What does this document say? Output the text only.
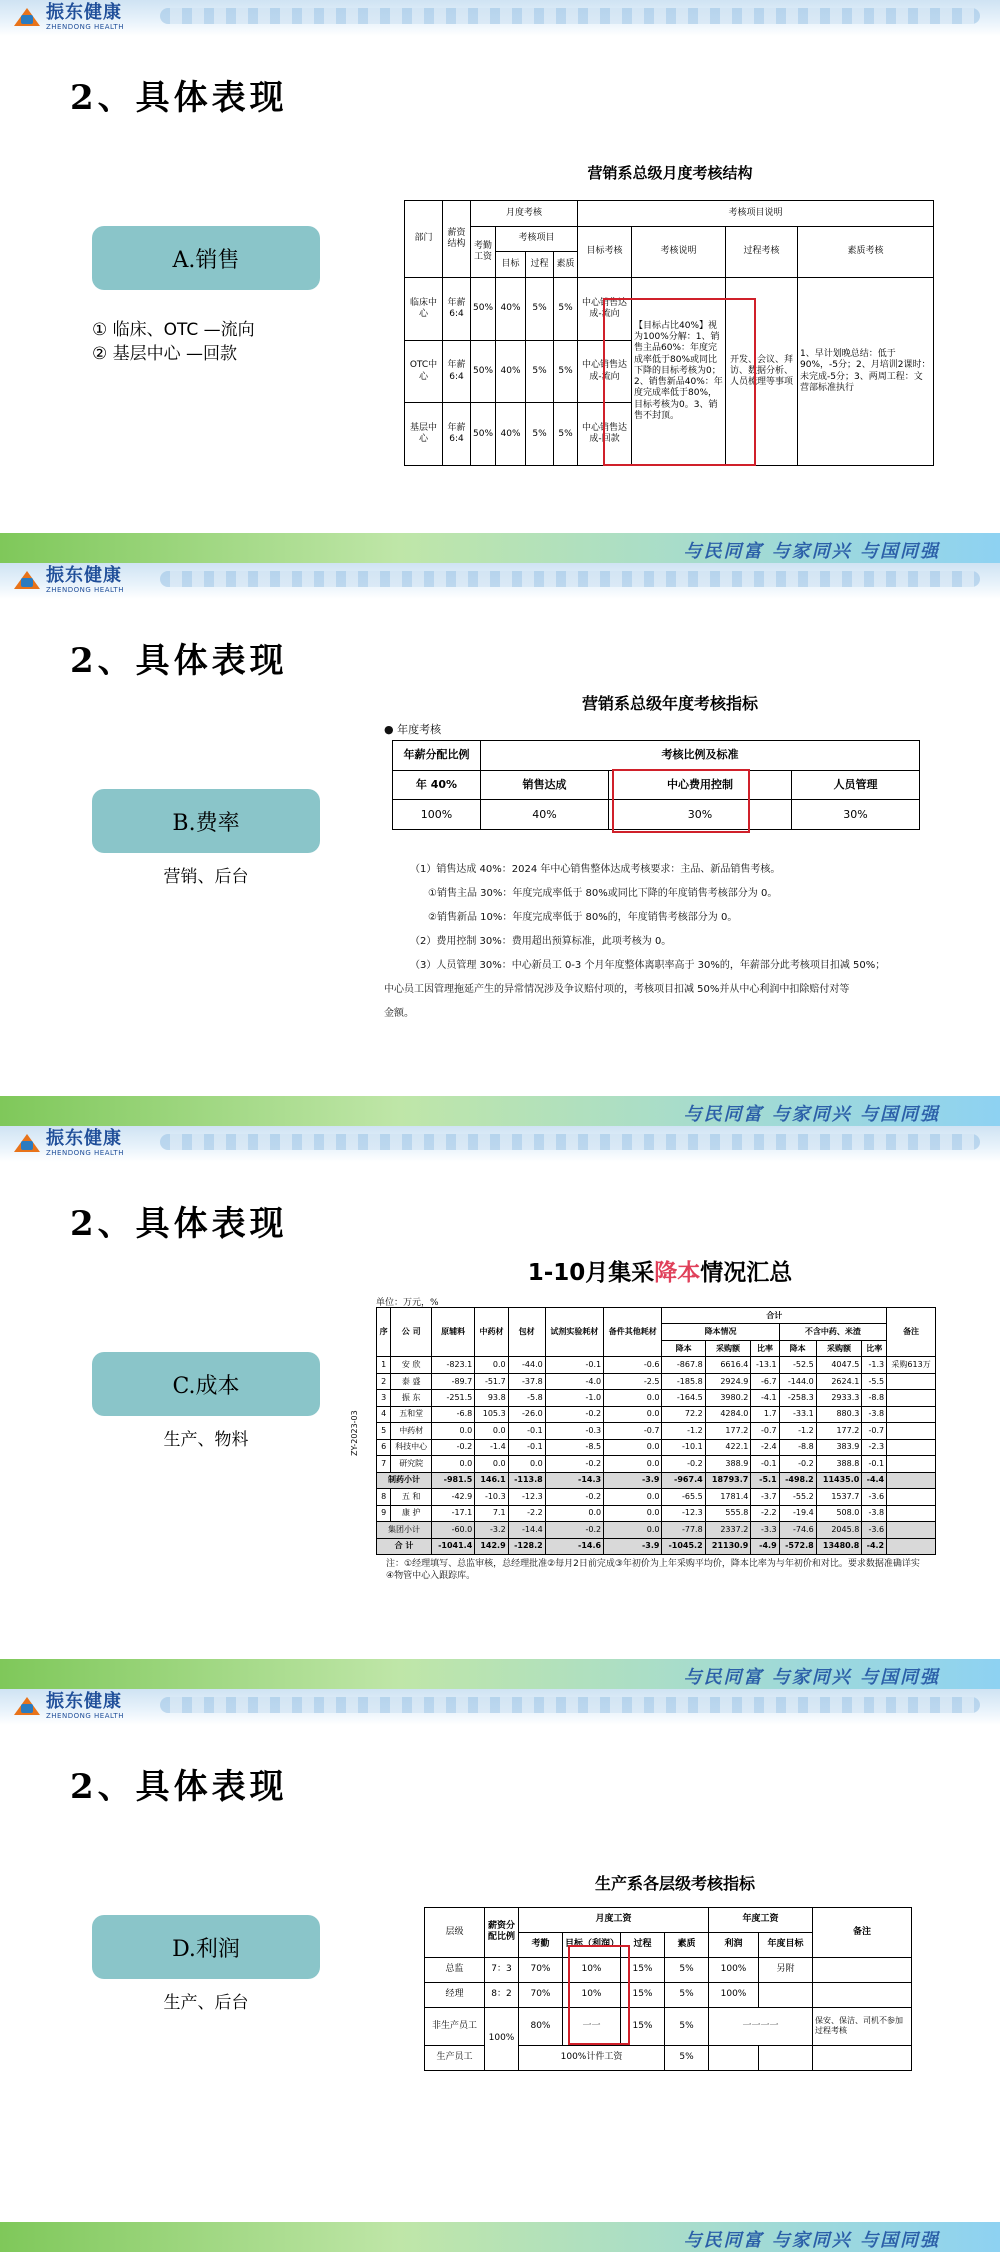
振东健康
ZHENDONG HEALTH
2、具体表现
A.销售
① 临床、OTC —流向
② 基层中心 —回款
营销系总级月度考核结构
部门	薪资结构	月度考核				考核项目说明			
		考勤工资	考核项目			目标考核	考核说明	过程考核	素质考核
			目标	过程	素质				
临床中心	年薪6:4	50%	40%	5%	5%	中心销售达成-流向	【目标占比40%】视为100%分解：1、销售主品60%：年度完成率低于80%或同比下降的目标考核为0；2、销售新品40%：年度完成率低于80%，目标考核为0。3、销售不封顶。	开发、会议、拜访、数据分析、人员梳理等事项	1、早计划晚总结：低于90%，-5分；2、月培训2课时：未完成-5分；3、两周工程：文营部标准执行
OTC中心	年薪6:4	50%	40%	5%	5%	中心销售达成-流向			
基层中心	年薪6:4	50%	40%	5%	5%	中心销售达成-回款			
与民同富 与家同兴 与国同强
振东健康
ZHENDONG HEALTH
2、具体表现
B.费率
营销、后台
营销系总级年度考核指标
● 年度考核
年薪分配比例	考核比例及标准		
年 40%	销售达成	中心费用控制	人员管理
100%	40%	30%	30%
（1）销售达成 40%：2024 年中心销售整体达成考核要求：主品、新品销售考核。
①销售主品 30%：年度完成率低于 80%或同比下降的年度销售考核部分为 0。
②销售新品 10%：年度完成率低于 80%的，年度销售考核部分为 0。
（2）费用控制 30%：费用超出预算标准，此项考核为 0。
（3）人员管理 30%：中心新员工 0-3 个月年度整体离职率高于 30%的，年薪部分此考核项目扣减 50%；
中心员工因管理拖延产生的异常情况涉及争议赔付项的，考核项目扣减 50%并从中心利润中扣除赔付对等
金额。
与民同富 与家同兴 与国同强
振东健康
ZHENDONG HEALTH
2、具体表现
C.成本
生产、物料
1-10月集采降本情况汇总
单位：万元，%
ZY-2023-03
序	公 司	原辅料	中药材	包材	试剂实验耗材	备件其他耗材	合计						备注
							降本情况			不含中药、米渣			
							降本	采购额	比率	降本	采购额	比率	
1	安 欣	-823.1	0.0	-44.0	-0.1	-0.6	-867.8	6616.4	-13.1	-52.5	4047.5	-1.3	采购613万
2	泰 盛	-89.7	-51.7	-37.8	-4.0	-2.5	-185.8	2924.9	-6.7	-144.0	2624.1	-5.5	
3	振 东	-251.5	93.8	-5.8	-1.0	0.0	-164.5	3980.2	-4.1	-258.3	2933.3	-8.8	
4	五和堂	-6.8	105.3	-26.0	-0.2	0.0	72.2	4284.0	1.7	-33.1	880.3	-3.8	
5	中药材	0.0	0.0	-0.1	-0.3	-0.7	-1.2	177.2	-0.7	-1.2	177.2	-0.7	
6	科技中心	-0.2	-1.4	-0.1	-8.5	0.0	-10.1	422.1	-2.4	-8.8	383.9	-2.3	
7	研究院	0.0	0.0	0.0	-0.2	0.0	-0.2	388.9	-0.1	-0.2	388.8	-0.1	
制药小计		-981.5	146.1	-113.8	-14.3	-3.9	-967.4	18793.7	-5.1	-498.2	11435.0	-4.4	
8	五 和	-42.9	-10.3	-12.3	-0.2	0.0	-65.5	1781.4	-3.7	-55.2	1537.7	-3.6	
9	康 护	-17.1	7.1	-2.2	0.0	0.0	-12.3	555.8	-2.2	-19.4	508.0	-3.8	
集团小计		-60.0	-3.2	-14.4	-0.2	0.0	-77.8	2337.2	-3.3	-74.6	2045.8	-3.6	
合 计		-1041.4	142.9	-128.2	-14.6	-3.9	-1045.2	21130.9	-4.9	-572.8	13480.8	-4.2	
注：①经理填写、总监审核，总经理批准②每月2日前完成③年初价为上年采购平均价，降本比率为与年初价和对比。要求数据准确详实④物管中心入跟踪库。
与民同富 与家同兴 与国同强
振东健康
ZHENDONG HEALTH
2、具体表现
D.利润
生产、后台
生产系各层级考核指标
层级	薪资分配比例	月度工资				年度工资		备注
		考勤	目标（利润）	过程	素质	利润	年度目标	
总监	7：3	70%	10%	15%	5%	100%	另附	
经理	8：2	70%	10%	15%	5%	100%		
非生产员工	100%	80%	一一	15%	5%	一一一一		保安、保洁、司机不参加过程考核
生产员工		100%计件工资			5%			
与民同富 与家同兴 与国同强
